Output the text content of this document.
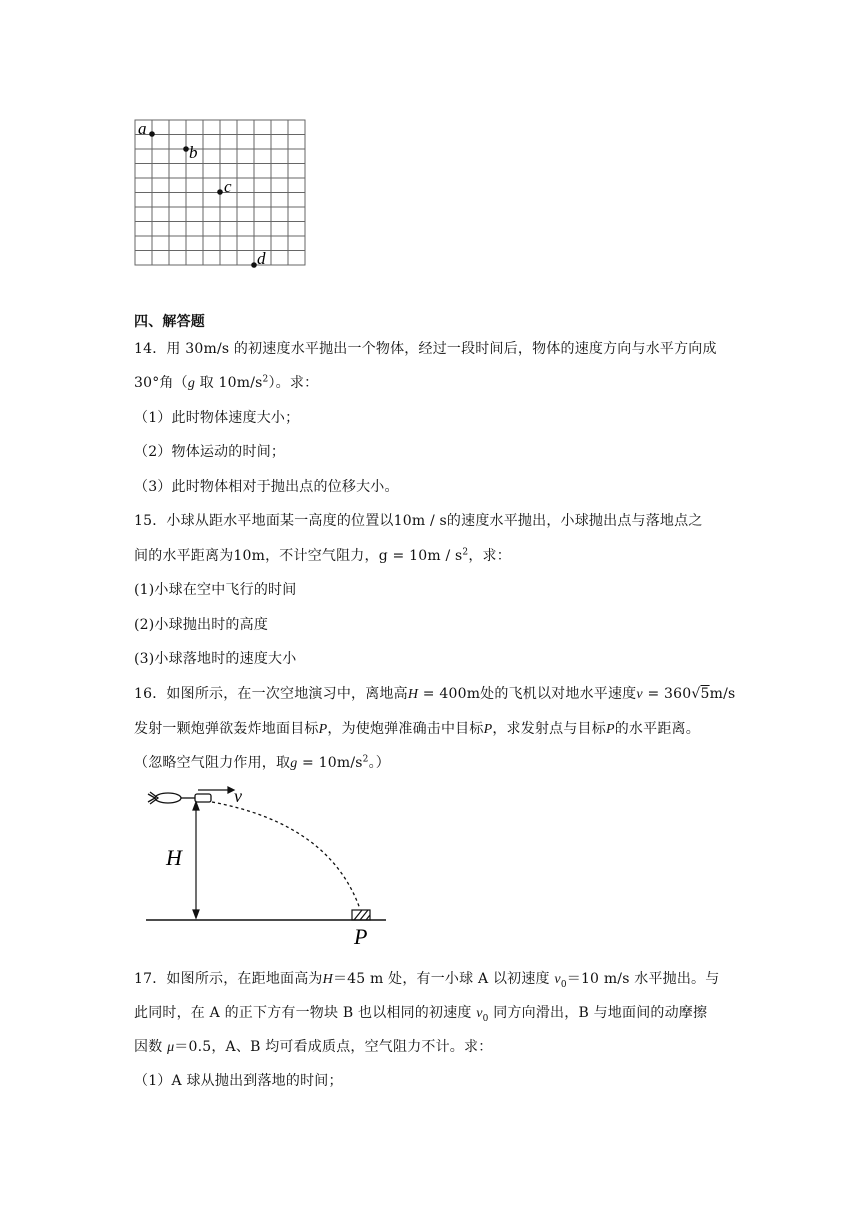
a
b
c
d
四、解答题
14．用 30m/s 的初速度水平抛出一个物体，经过一段时间后，物体的速度方向与水平方向成
30°角（g 取 $10m/s^2$）。求：
（1）此时物体速度大小；
（2）物体运动的时间；
（3）此时物体相对于抛出点的位移大小。
15．小球从距水平地面某一高度的位置以10m / s的速度水平抛出，小球抛出点与落地点之
间的水平距离为10m，不计空气阻力，$g = 10m / s^2$，求：
(1)小球在空中飞行的时间
(2)小球抛出时的高度
(3)小球落地时的速度大小
16．如图所示，在一次空地演习中，离地高H = 400m处的飞机以对地水平速度v = 360√5m/s
发射一颗炮弹欲轰炸地面目标P，为使炮弹准确击中目标P，求发射点与目标P的水平距离。
（忽略空气阻力作用，取$g = 10m/s^2$。）
v
H
P
17．如图所示，在距地面高为H＝45 m 处，有一小球 A 以初速度 $v_0=10$ m/s 水平抛出。与
此同时，在 A 的正下方有一物块 B 也以相同的初速度 $v_0$ 同方向滑出，B 与地面间的动摩擦
因数 μ＝0.5，A、B 均可看成质点，空气阻力不计。求：
（1）A 球从抛出到落地的时间；
